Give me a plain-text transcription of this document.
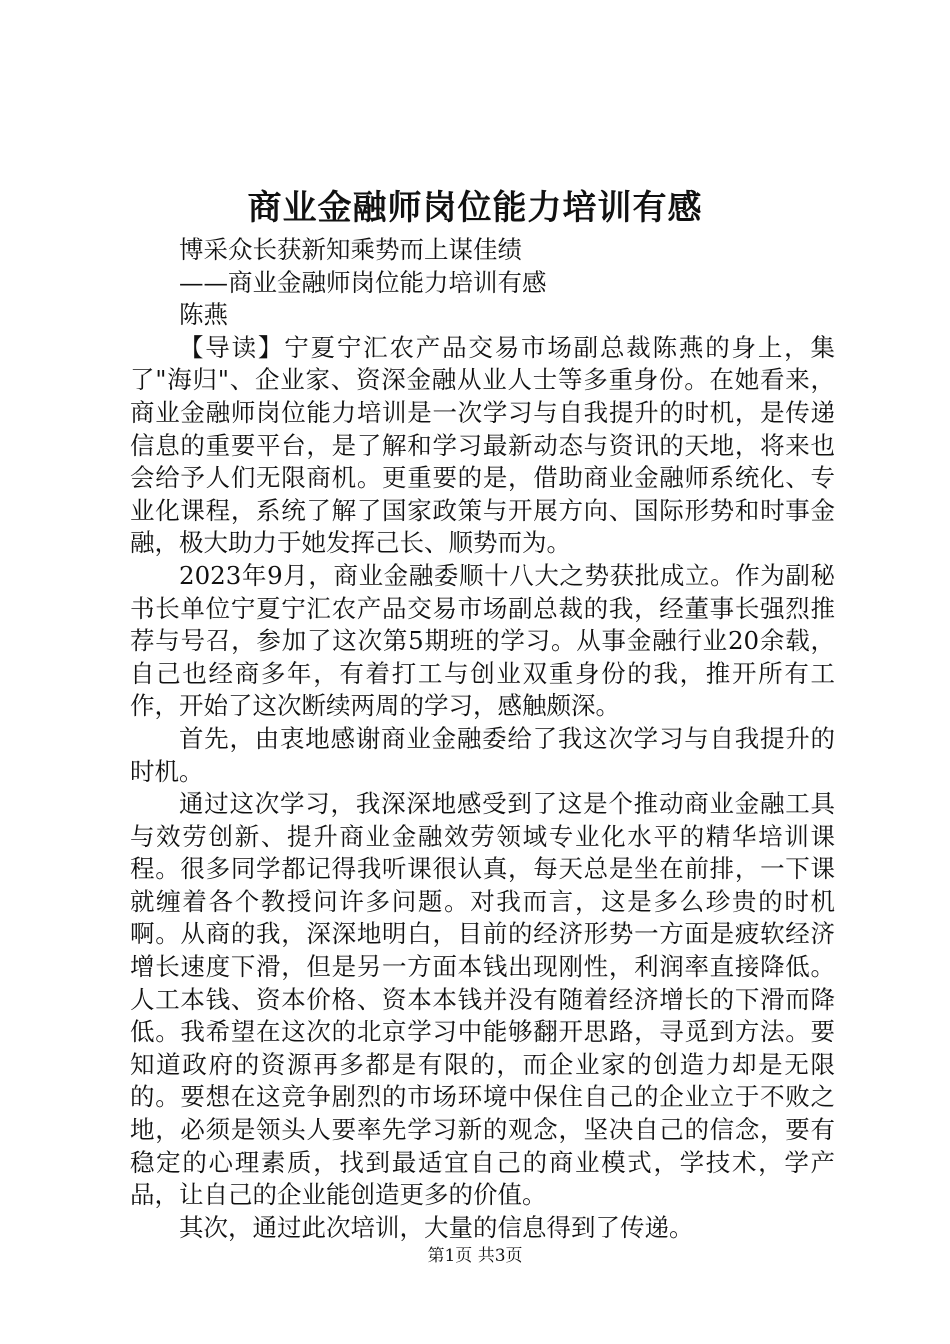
商业金融师岗位能力培训有感

博采众长获新知乘势而上谋佳绩

——商业金融师岗位能力培训有感

陈燕

【导读】宁夏宁汇农产品交易市场副总裁陈燕的身上，集了"海归"、企业家、资深金融从业人士等多重身份。在她看来，商业金融师岗位能力培训是一次学习与自我提升的时机，是传递信息的重要平台，是了解和学习最新动态与资讯的天地，将来也会给予人们无限商机。更重要的是，借助商业金融师系统化、专业化课程，系统了解了国家政策与开展方向、国际形势和时事金融，极大助力于她发挥己长、顺势而为。

2023年9月，商业金融委顺十八大之势获批成立。作为副秘书长单位宁夏宁汇农产品交易市场副总裁的我，经董事长强烈推荐与号召，参加了这次第5期班的学习。从事金融行业20余载，自己也经商多年，有着打工与创业双重身份的我，推开所有工作，开始了这次断续两周的学习，感触颇深。

首先，由衷地感谢商业金融委给了我这次学习与自我提升的时机。

通过这次学习，我深深地感受到了这是个推动商业金融工具与效劳创新、提升商业金融效劳领域专业化水平的精华培训课程。很多同学都记得我听课很认真，每天总是坐在前排，一下课就缠着各个教授问许多问题。对我而言，这是多么珍贵的时机啊。从商的我，深深地明白，目前的经济形势一方面是疲软经济增长速度下滑，但是另一方面本钱出现刚性，利润率直接降低。人工本钱、资本价格、资本本钱并没有随着经济增长的下滑而降低。我希望在这次的北京学习中能够翻开思路，寻觅到方法。要知道政府的资源再多都是有限的，而企业家的创造力却是无限的。要想在这竞争剧烈的市场环境中保住自己的企业立于不败之地，必须是领头人要率先学习新的观念，坚决自己的信念，要有稳定的心理素质，找到最适宜自己的商业模式，学技术，学产品，让自己的企业能创造更多的价值。

其次，通过此次培训，大量的信息得到了传递。

第1页 共3页
